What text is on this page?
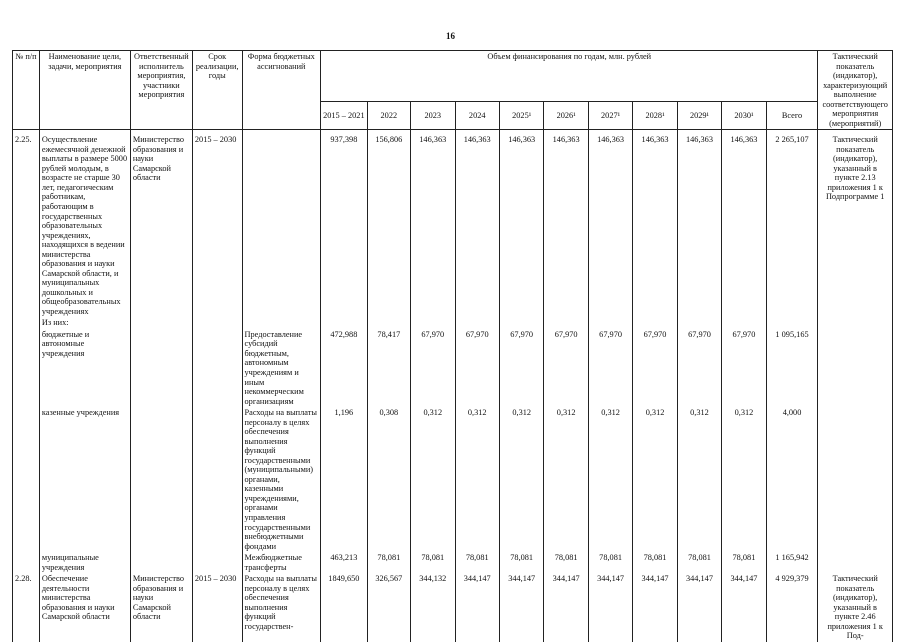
16
№ п/п	Наименование цели, задачи, мероприятия	Ответственный исполнитель мероприятия, участники мероприятия	Срок реализации, годы	Форма бюджетных ассигнований	Объем финансирования по годам, млн. рублей											Тактический показатель (индикатор), характеризующий выполнение соответствующего мероприятия (мероприятий)
					2015 – 2021	2022	2023	2024	2025¹	2026¹	2027¹	2028¹	2029¹	2030¹	Всего	

2.25.	Осуществление ежемесячной денежной выплаты в размере 5000 рублей молодым, в возрасте не старше 30 лет, педагогическим работникам, работающим в государственных образовательных учреждениях, находящихся в ведении министерства образования и науки Самарской области, и муниципальных дошкольных и общеобразовательных учреждениях	Министерство образования и науки Самарской области	2015 – 2030		937,398	156,806	146,363	146,363	146,363	146,363	146,363	146,363	146,363	146,363	2 265,107	Тактический показатель (индикатор), указанный в пункте 2.13 приложения 1 к Подпрограмме 1
	Из них:															
	бюджетные и автономные учреждения			Предоставление субсидий бюджетным, автономным учреждениям и иным некоммерческим организациям	472,988	78,417	67,970	67,970	67,970	67,970	67,970	67,970	67,970	67,970	1 095,165	
	казенные учреждения			Расходы на выплаты персоналу в целях обеспечения выполнения функций государственными (муниципальными) органами, казенными учреждениями, органами управления государственными внебюджетными фондами	1,196	0,308	0,312	0,312	0,312	0,312	0,312	0,312	0,312	0,312	4,000	
	муниципальные учреждения			Межбюджетные трансферты	463,213	78,081	78,081	78,081	78,081	78,081	78,081	78,081	78,081	78,081	1 165,942	
2.28.	Обеспечение деятельности министерства образования и науки Самарской области	Министерство образования и науки Самарской области	2015 – 2030	Расходы на выплаты персоналу в целях обеспечения выполнения функций государствен-	1849,650	326,567	344,132	344,147	344,147	344,147	344,147	344,147	344,147	344,147	4 929,379	Тактический показатель (индикатор), указанный в пункте 2.46 приложения 1 к Под-
